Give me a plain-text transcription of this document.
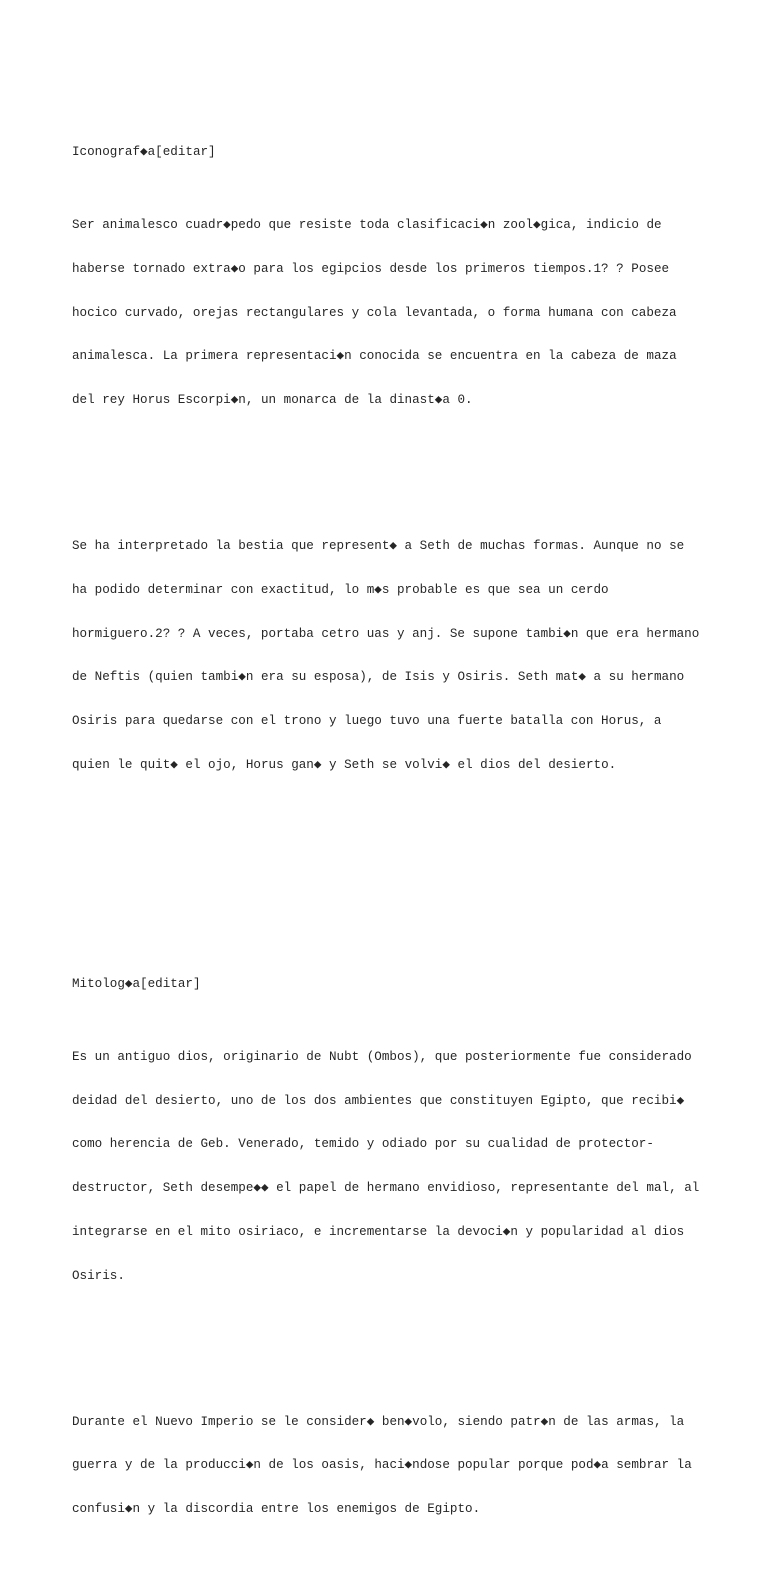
Iconograf◆a[editar]

Ser animalesco cuadr◆pedo que resiste toda clasificaci◆n zool◆gica, indicio de

haberse tornado extra◆o para los egipcios desde los primeros tiempos.1? ? Posee

hocico curvado, orejas rectangulares y cola levantada, o forma humana con cabeza

animalesca. La primera representaci◆n conocida se encuentra en la cabeza de maza

del rey Horus Escorpi◆n, un monarca de la dinast◆a 0.

Se ha interpretado la bestia que represent◆ a Seth de muchas formas. Aunque no se

ha podido determinar con exactitud, lo m◆s probable es que sea un cerdo

hormiguero.2? ? A veces, portaba cetro uas y anj. Se supone tambi◆n que era hermano

de Neftis (quien tambi◆n era su esposa), de Isis y Osiris. Seth mat◆ a su hermano

Osiris para quedarse con el trono y luego tuvo una fuerte batalla con Horus, a

quien le quit◆ el ojo, Horus gan◆ y Seth se volvi◆ el dios del desierto.

Mitolog◆a[editar]

Es un antiguo dios, originario de Nubt (Ombos), que posteriormente fue considerado

deidad del desierto, uno de los dos ambientes que constituyen Egipto, que recibi◆

como herencia de Geb. Venerado, temido y odiado por su cualidad de protector-

destructor, Seth desempe◆◆ el papel de hermano envidioso, representante del mal, al

integrarse en el mito osiriaco, e incrementarse la devoci◆n y popularidad al dios

Osiris.

Durante el Nuevo Imperio se le consider◆ ben◆volo, siendo patr◆n de las armas, la

guerra y de la producci◆n de los oasis, haci◆ndose popular porque pod◆a sembrar la

confusi◆n y la discordia entre los enemigos de Egipto.
